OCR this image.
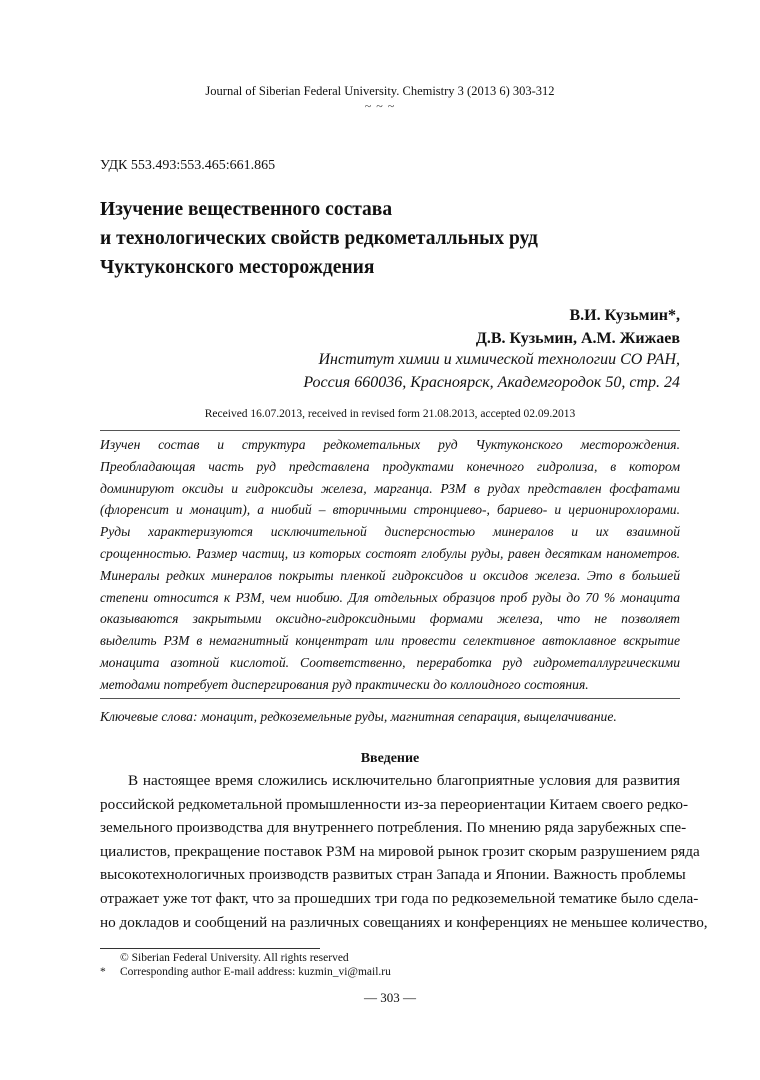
Journal of Siberian Federal University. Chemistry 3 (2013 6) 303-312
~ ~ ~
УДК 553.493:553.465:661.865
Изучение вещественного состава
и технологических свойств редкометалльных руд
Чуктуконского месторождения
В.И. Кузьмин*,
Д.В. Кузьмин, А.М. Жижаев
Институт химии и химической технологии СО РАН,
Россия 660036, Красноярск, Академгородок 50, стр. 24
Received 16.07.2013, received in revised form 21.08.2013, accepted 02.09.2013
Изучен состав и структура редкометальных руд Чуктуконского месторождения.
Преобладающая часть руд представлена продуктами конечного гидролиза, в котором
доминируют оксиды и гидроксиды железа, марганца. РЗМ в рудах представлен фосфатами
(флоренсит и монацит), а ниобий – вторичными стронциево-, бариево- и церионирохлорами.
Руды характеризуются исключительной дисперсностью минералов и их взаимной
срощенностью. Размер частиц, из которых состоят глобулы руды, равен десяткам нанометров.
Минералы редких минералов покрыты пленкой гидроксидов и оксидов железа. Это в большей
степени относится к РЗМ, чем ниобию. Для отдельных образцов проб руды до 70 % монацита
оказываются закрытыми оксидно-гидроксидными формами железа, что не позволяет
выделить РЗМ в немагнитный концентрат или провести селективное автоклавное вскрытие
монацита азотной кислотой. Соответственно, переработка руд гидрометаллургическими
методами потребует диспергирования руд практически до коллоидного состояния.
Ключевые слова: монацит, редкоземельные руды, магнитная сепарация, выщелачивание.
Введение
В настоящее время сложились исключительно благоприятные условия для развития
российской редкометальной промышленности из-за переориентации Китаем своего редко-
земельного производства для внутреннего потребления. По мнению ряда зарубежных спе-
циалистов, прекращение поставок РЗМ на мировой рынок грозит скорым разрушением ряда
высокотехнологичных производств развитых стран Запада и Японии. Важность проблемы
отражает уже тот факт, что за прошедших три года по редкоземельной тематике было сдела-
но докладов и сообщений на различных совещаниях и конференциях не меньшее количество,
© Siberian Federal University. All rights reserved
* Corresponding author E-mail address: kuzmin_vi@mail.ru
— 303 —
